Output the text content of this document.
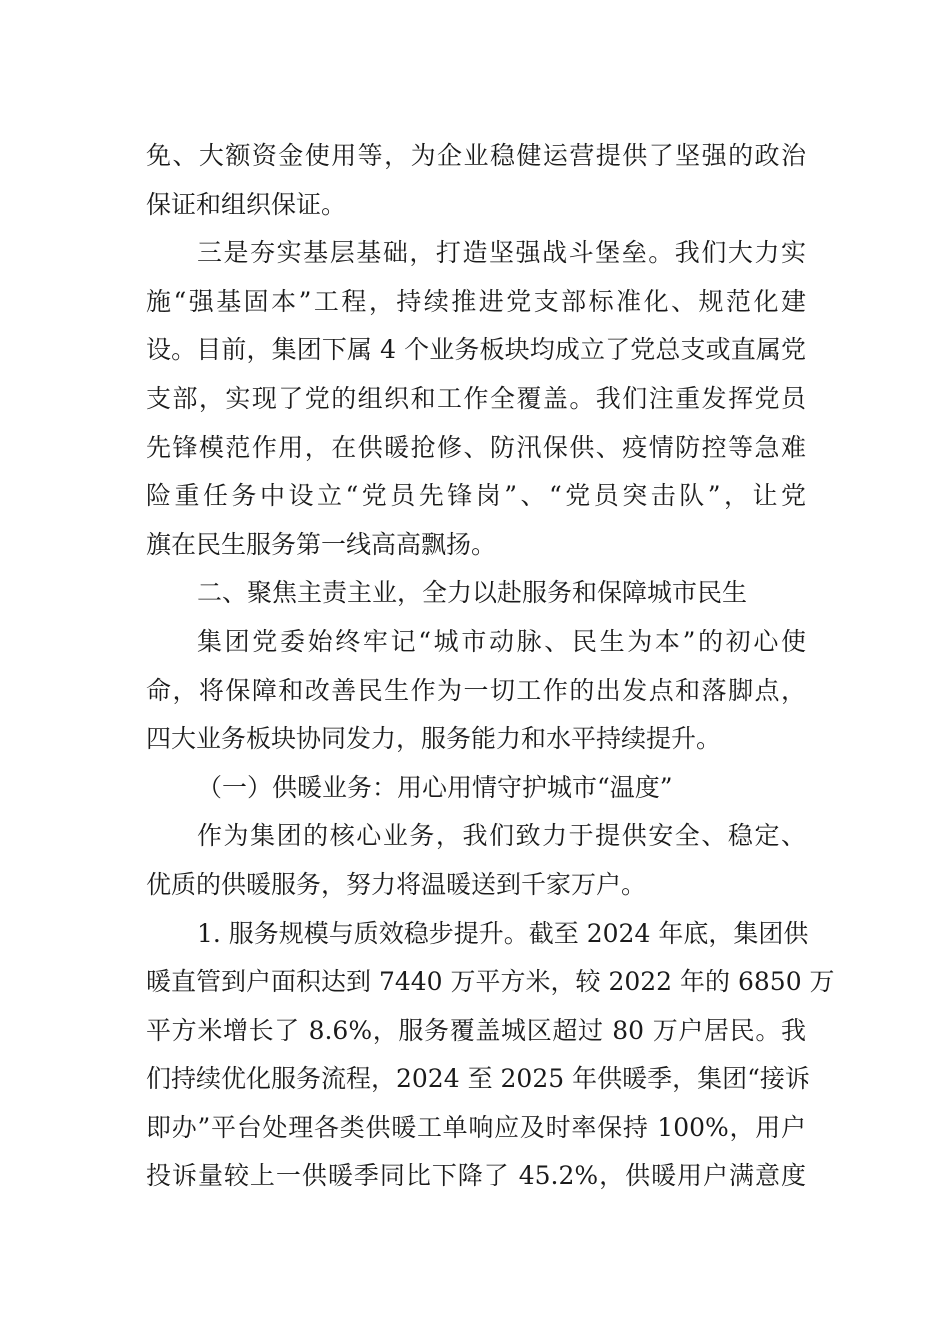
免、大额资金使用等，为企业稳健运营提供了坚强的政治
保证和组织保证。
三是夯实基层基础，打造坚强战斗堡垒。我们大力实
施“强基固本”工程，持续推进党支部标准化、规范化建
设。目前，集团下属 4 个业务板块均成立了党总支或直属党
支部，实现了党的组织和工作全覆盖。我们注重发挥党员
先锋模范作用，在供暖抢修、防汛保供、疫情防控等急难
险重任务中设立“党员先锋岗”、“党员突击队”，让党
旗在民生服务第一线高高飘扬。
二、聚焦主责主业，全力以赴服务和保障城市民生
集团党委始终牢记“城市动脉、民生为本”的初心使
命，将保障和改善民生作为一切工作的出发点和落脚点，
四大业务板块协同发力，服务能力和水平持续提升。
（一）供暖业务：用心用情守护城市“温度”
作为集团的核心业务，我们致力于提供安全、稳定、
优质的供暖服务，努力将温暖送到千家万户。
1. 服务规模与质效稳步提升。截至 2024 年底，集团供
暖直管到户面积达到 7440 万平方米，较 2022 年的 6850 万
平方米增长了 8.6%，服务覆盖城区超过 80 万户居民。我
们持续优化服务流程，2024 至 2025 年供暖季，集团“接诉
即办”平台处理各类供暖工单响应及时率保持 100%，用户
投诉量较上一供暖季同比下降了 45.2%，供暖用户满意度
